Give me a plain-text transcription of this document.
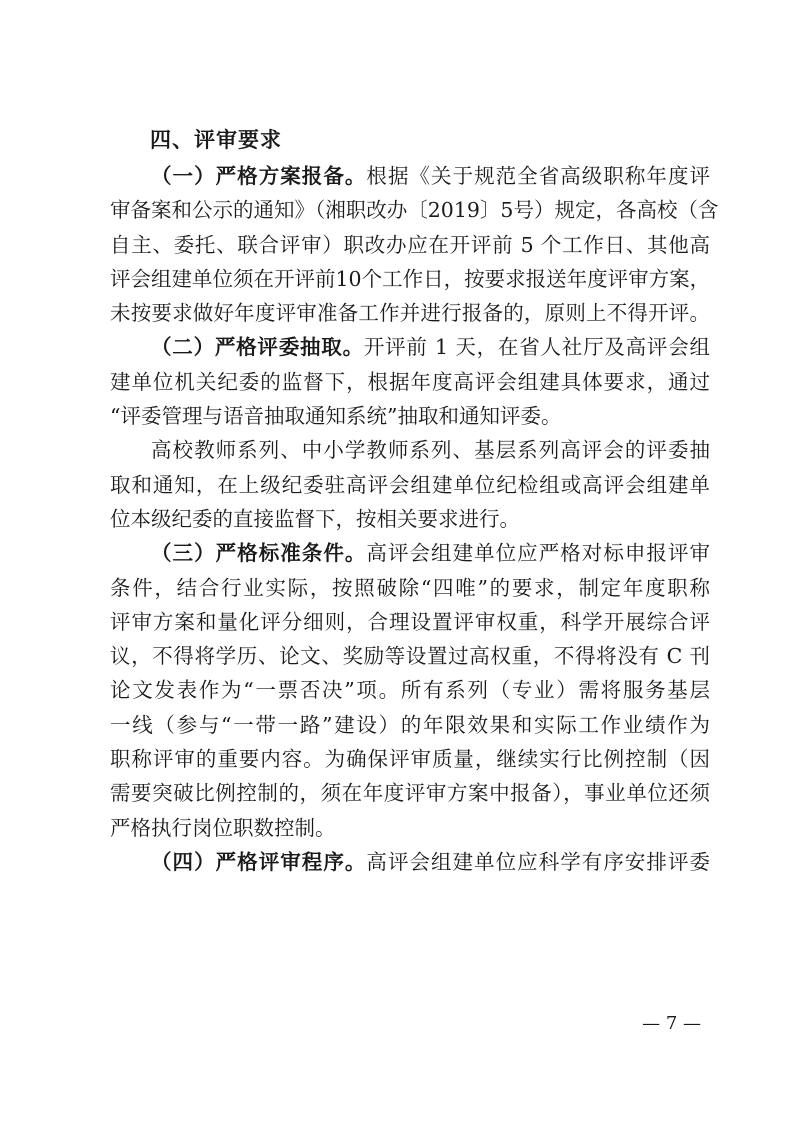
四、评审要求
（一）严格方案报备。根据《关于规范全省高级职称年度评
审备案和公示的通知》（湘职改办〔2019〕5号）规定，各高校（含
自主、委托、联合评审）职改办应在开评前 5 个工作日、其他高
评会组建单位须在开评前10个工作日，按要求报送年度评审方案，
未按要求做好年度评审准备工作并进行报备的，原则上不得开评。
（二）严格评委抽取。开评前 1 天，在省人社厅及高评会组
建单位机关纪委的监督下，根据年度高评会组建具体要求，通过
“评委管理与语音抽取通知系统”抽取和通知评委。
高校教师系列、中小学教师系列、基层系列高评会的评委抽
取和通知，在上级纪委驻高评会组建单位纪检组或高评会组建单
位本级纪委的直接监督下，按相关要求进行。
（三）严格标准条件。高评会组建单位应严格对标申报评审
条件，结合行业实际，按照破除“四唯”的要求，制定年度职称
评审方案和量化评分细则，合理设置评审权重，科学开展综合评
议，不得将学历、论文、奖励等设置过高权重，不得将没有 C 刊
论文发表作为“一票否决”项。所有系列（专业）需将服务基层
一线（参与“一带一路”建设）的年限效果和实际工作业绩作为
职称评审的重要内容。为确保评审质量，继续实行比例控制（因
需要突破比例控制的，须在年度评审方案中报备），事业单位还须
严格执行岗位职数控制。
（四）严格评审程序。高评会组建单位应科学有序安排评委
— 7 —
